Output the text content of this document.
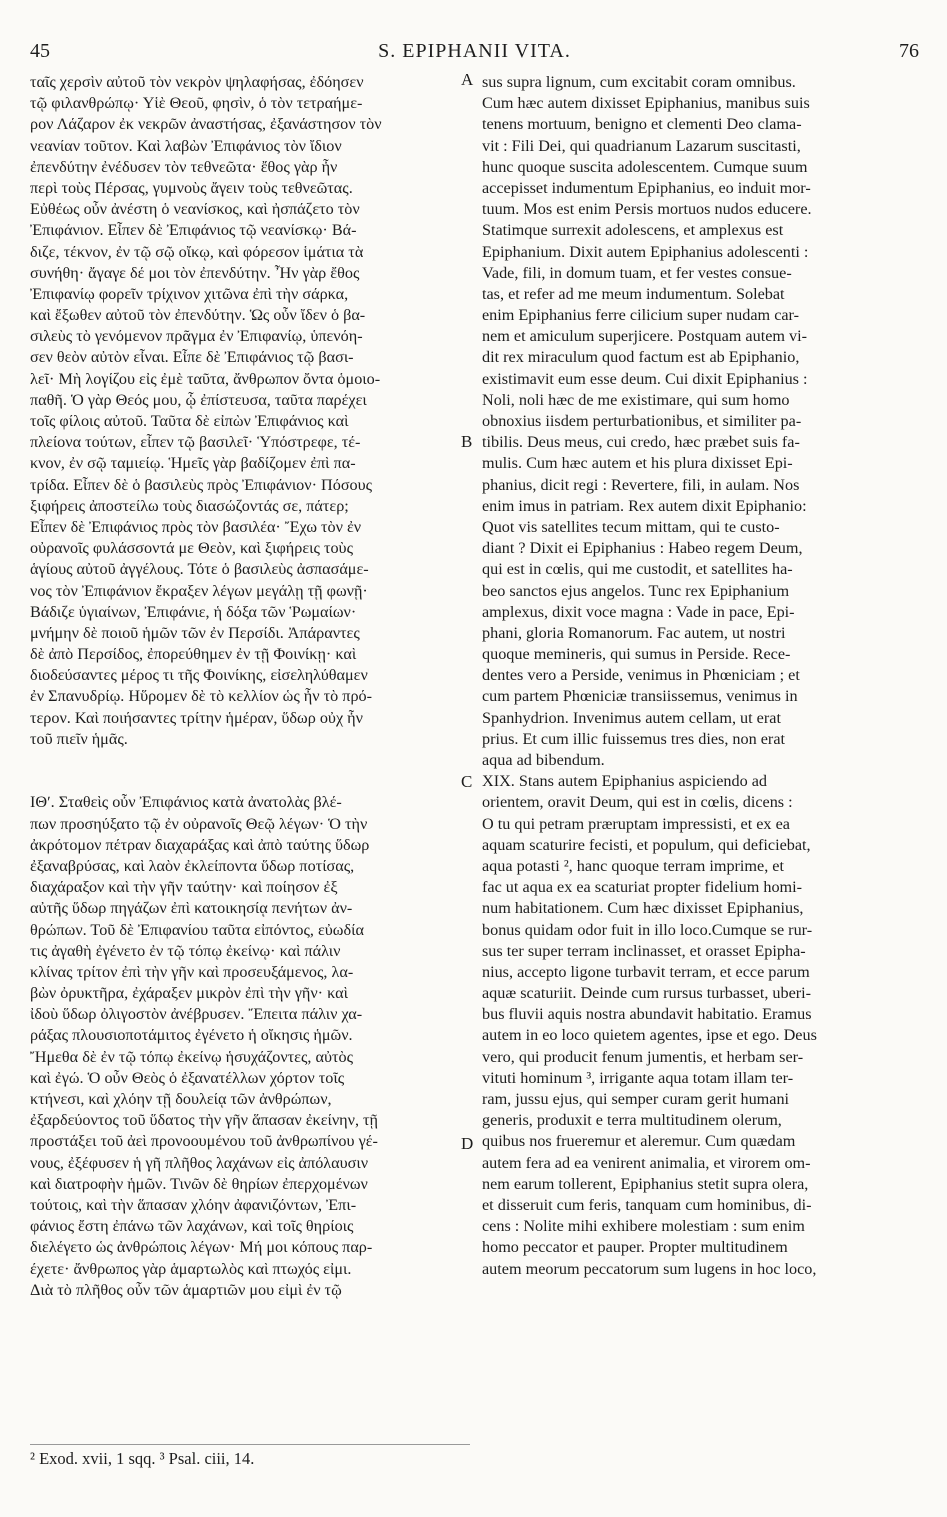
45	S. EPIPHANII VITA.	76
ταῖς χερσὶν αὐτοῦ τὸν νεκρὸν ψηλαφήσας, ἐδόησεν
τῷ φιλανθρώπῳ· Υἱὲ Θεοῦ, φησὶν, ὁ τὸν τετραήμε-
ρον Λάζαρον ἐκ νεκρῶν ἀναστήσας, ἐξανάστησον τὸν
νεανίαν τοῦτον. Καὶ λαβὼν Ἐπιφάνιος τὸν ἴδιον
ἐπενδύτην ἐνέδυσεν τὸν τεθνεῶτα· ἔθος γὰρ ἦν
περὶ τοὺς Πέρσας, γυμνοὺς ἄγειν τοὺς τεθνεῶτας.
Εὐθέως οὖν ἀνέστη ὁ νεανίσκος, καὶ ἠσπάζετο τὸν
Ἐπιφάνιον. Εἶπεν δὲ Ἐπιφάνιος τῷ νεανίσκῳ· Βά-
διζε, τέκνον, ἐν τῷ σῷ οἴκῳ, καὶ φόρεσον ἱμάτια τὰ
συνήθη· ἄγαγε δέ μοι τὸν ἐπενδύτην. Ἦν γὰρ ἔθος
Ἐπιφανίῳ φορεῖν τρίχινον χιτῶνα ἐπὶ τὴν σάρκα,
καὶ ἔξωθεν αὐτοῦ τὸν ἐπενδύτην. Ὡς οὖν ἴδεν ὁ βα-
σιλεὺς τὸ γενόμενον πρᾶγμα ἐν Ἐπιφανίῳ, ὑπενόη-
σεν θεὸν αὐτὸν εἶναι. Εἶπε δὲ Ἐπιφάνιος τῷ βασι-
λεῖ· Μὴ λογίζου εἰς ἐμὲ ταῦτα, ἄνθρωπον ὄντα ὁμοιο-
παθῆ. Ὁ γὰρ Θεός μου, ᾧ ἐπίστευσα, ταῦτα παρέχει
τοῖς φίλοις αὐτοῦ. Ταῦτα δὲ εἰπὼν Ἐπιφάνιος καὶ
πλείονα τούτων, εἶπεν τῷ βασιλεῖ· Ὑπόστρεφε, τέ-
κνον, ἐν σῷ ταμιείῳ. Ἡμεῖς γὰρ βαδίζομεν ἐπὶ πα-
τρίδα. Εἶπεν δὲ ὁ βασιλεὺς πρὸς Ἐπιφάνιον· Πόσους
ξιφήρεις ἀποστείλω τοὺς διασώζοντάς σε, πάτερ;
Εἶπεν δὲ Ἐπιφάνιος πρὸς τὸν βασιλέα· Ἔχω τὸν ἐν
οὐρανοῖς φυλάσσοντά με Θεὸν, καὶ ξιφήρεις τοὺς
ἁγίους αὐτοῦ ἀγγέλους. Τότε ὁ βασιλεὺς ἀσπασάμε-
νος τὸν Ἐπιφάνιον ἔκραξεν λέγων μεγάλῃ τῇ φωνῇ·
Βάδιζε ὑγιαίνων, Ἐπιφάνιε, ἡ δόξα τῶν Ῥωμαίων·
μνήμην δὲ ποιοῦ ἡμῶν τῶν ἐν Περσίδι. Ἀπάραντες
δὲ ἀπὸ Περσίδος, ἐπορεύθημεν ἐν τῇ Φοινίκῃ· καὶ
διοδεύσαντες μέρος τι τῆς Φοινίκης, εἰσεληλύθαμεν
ἐν Σπανυδρίῳ. Ηὕρομεν δὲ τὸ κελλίον ὡς ἦν τὸ πρό-
τερον. Καὶ ποιήσαντες τρίτην ἡμέραν, ὕδωρ οὐχ ἦν
τοῦ πιεῖν ἡμᾶς.
ΙΘʹ. Σταθεὶς οὖν Ἐπιφάνιος κατὰ ἀνατολὰς βλέ-
πων προσηύξατο τῷ ἐν οὐρανοῖς Θεῷ λέγων· Ὁ τὴν
ἀκρότομον πέτραν διαχαράξας καὶ ἀπὸ ταύτης ὕδωρ
ἐξαναβρύσας, καὶ λαὸν ἐκλείποντα ὕδωρ ποτίσας,
διαχάραξον καὶ τὴν γῆν ταύτην· καὶ ποίησον ἐξ
αὐτῆς ὕδωρ πηγάζων ἐπὶ κατοικησίᾳ πενήτων ἀν-
θρώπων. Τοῦ δὲ Ἐπιφανίου ταῦτα εἰπόντος, εὐωδία
τις ἀγαθὴ ἐγένετο ἐν τῷ τόπῳ ἐκείνῳ· καὶ πάλιν
κλίνας τρίτον ἐπὶ τὴν γῆν καὶ προσευξάμενος, λα-
βὼν ὀρυκτῆρα, ἐχάραξεν μικρὸν ἐπὶ τὴν γῆν· καὶ
ἰδοὺ ὕδωρ ὀλιγοστὸν ἀνέβρυσεν. Ἔπειτα πάλιν χα-
ράξας πλουσιοποτάμιτος ἐγένετο ἡ οἴκησις ἡμῶν.
Ἤμεθα δὲ ἐν τῷ τόπῳ ἐκείνῳ ἡσυχάζοντες, αὐτὸς
καὶ ἐγώ. Ὁ οὖν Θεὸς ὁ ἐξανατέλλων χόρτον τοῖς
κτήνεσι, καὶ χλόην τῇ δουλείᾳ τῶν ἀνθρώπων,
ἐξαρδεύοντος τοῦ ὕδατος τὴν γῆν ἅπασαν ἐκείνην, τῇ
προστάξει τοῦ ἀεὶ προνοουμένου τοῦ ἀνθρωπίνου γέ-
νους, ἐξέφυσεν ἡ γῆ πλῆθος λαχάνων εἰς ἀπόλαυσιν
καὶ διατροφὴν ἡμῶν. Τινῶν δὲ θηρίων ἐπερχομένων
τούτοις, καὶ τὴν ἅπασαν χλόην ἀφανιζόντων, Ἐπι-
φάνιος ἔστη ἐπάνω τῶν λαχάνων, καὶ τοῖς θηρίοις
διελέγετο ὡς ἀνθρώποις λέγων· Μή μοι κόπους παρ-
έχετε· ἄνθρωπος γὰρ ἁμαρτωλὸς καὶ πτωχός εἰμι.
Διὰ τὸ πλῆθος οὖν τῶν ἁμαρτιῶν μου εἰμὶ ἐν τῷ
sus supra lignum, cum excitabit coram omnibus.
Cum hæc autem dixisset Epiphanius, manibus suis
tenens mortuum, benigno et clementi Deo clama-
vit : Fili Dei, qui quadrianum Lazarum suscitasti,
hunc quoque suscita adolescentem. Cumque suum
accepisset indumentum Epiphanius, eo induit mor-
tuum. Mos est enim Persis mortuos nudos educere.
Statimque surrexit adolescens, et amplexus est
Epiphanium. Dixit autem Epiphanius adolescenti :
Vade, fili, in domum tuam, et fer vestes consue-
tas, et refer ad me meum indumentum. Solebat
enim Epiphanius ferre cilicium super nudam car-
nem et amiculum superjicere. Postquam autem vi-
dit rex miraculum quod factum est ab Epiphanio,
existimavit eum esse deum. Cui dixit Epiphanius :
Noli, noli hæc de me existimare, qui sum homo
obnoxius iisdem perturbationibus, et similiter pa-
tibilis. Deus meus, cui credo, hæc præbet suis fa-
mulis. Cum hæc autem et his plura dixisset Epi-
phanius, dicit regi : Revertere, fili, in aulam. Nos
enim imus in patriam. Rex autem dixit Epiphanio:
Quot vis satellites tecum mittam, qui te custo-
diant ? Dixit ei Epiphanius : Habeo regem Deum,
qui est in cœlis, qui me custodit, et satellites ha-
beo sanctos ejus angelos. Tunc rex Epiphanium
amplexus, dixit voce magna : Vade in pace, Epi-
phani, gloria Romanorum. Fac autem, ut nostri
quoque memineris, qui sumus in Perside. Rece-
dentes vero a Perside, venimus in Phœniciam ; et
cum partem Phœniciæ transiissemus, venimus in
Spanhydrion. Invenimus autem cellam, ut erat
prius. Et cum illic fuissemus tres dies, non erat
aqua ad bibendum.
XIX. Stans autem Epiphanius aspiciendo ad
orientem, oravit Deum, qui est in cœlis, dicens :
O tu qui petram præruptam impressisti, et ex ea
aquam scaturire fecisti, et populum, qui deficiebat,
aqua potasti ², hanc quoque terram imprime, et
fac ut aqua ex ea scaturiat propter fidelium homi-
num habitationem. Cum hæc dixisset Epiphanius,
bonus quidam odor fuit in illo loco.Cumque se rur-
sus ter super terram inclinasset, et orasset Epipha-
nius, accepto ligone turbavit terram, et ecce parum
aquæ scaturiit. Deinde cum rursus turbasset, uberi-
bus fluvii aquis nostra abundavit habitatio. Eramus
autem in eo loco quietem agentes, ipse et ego. Deus
vero, qui producit fenum jumentis, et herbam ser-
vituti hominum ³, irrigante aqua totam illam ter-
ram, jussu ejus, qui semper curam gerit humani
generis, produxit e terra multitudinem olerum,
quibus nos frueremur et aleremur. Cum quædam
autem fera ad ea venirent animalia, et virorem om-
nem earum tollerent, Epiphanius stetit supra olera,
et disseruit cum feris, tanquam cum hominibus, di-
cens : Nolite mihi exhibere molestiam : sum enim
homo peccator et pauper. Propter multitudinem
autem meorum peccatorum sum lugens in hoc loco,
A
B
C
D
² Exod. xvii, 1 sqq. ³ Psal. ciii, 14.
